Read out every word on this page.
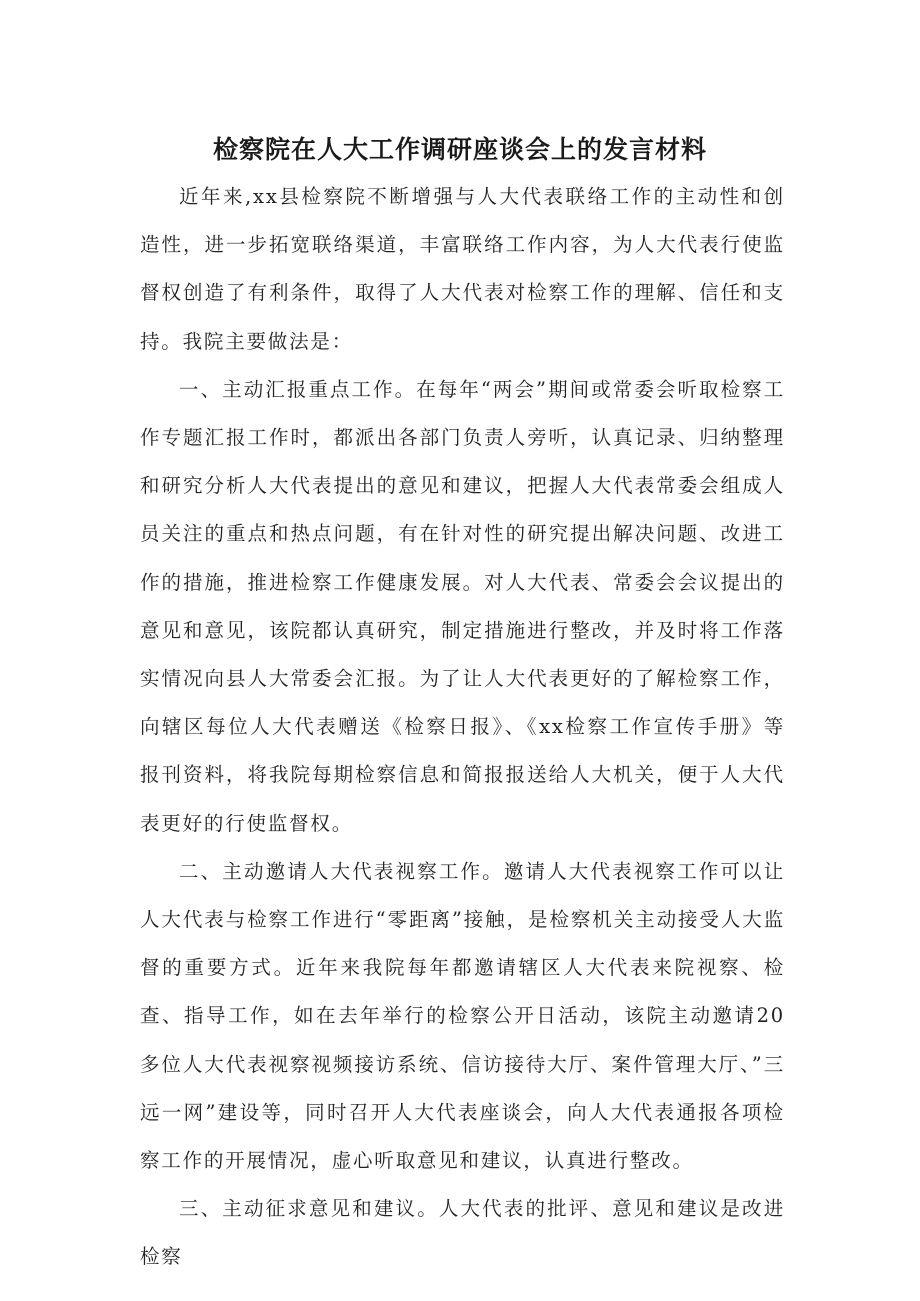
检察院在人大工作调研座谈会上的发言材料

近年来,xx县检察院不断增强与人大代表联络工作的主动性和创造性，进一步拓宽联络渠道，丰富联络工作内容，为人大代表行使监督权创造了有利条件，取得了人大代表对检察工作的理解、信任和支持。我院主要做法是：

一、主动汇报重点工作。在每年“两会”期间或常委会听取检察工作专题汇报工作时，都派出各部门负责人旁听，认真记录、归纳整理和研究分析人大代表提出的意见和建议，把握人大代表常委会组成人员关注的重点和热点问题，有在针对性的研究提出解决问题、改进工作的措施，推进检察工作健康发展。对人大代表、常委会会议提出的意见和意见，该院都认真研究，制定措施进行整改，并及时将工作落实情况向县人大常委会汇报。为了让人大代表更好的了解检察工作，向辖区每位人大代表赠送《检察日报》、《xx检察工作宣传手册》等报刊资料，将我院每期检察信息和简报报送给人大机关，便于人大代表更好的行使监督权。

二、主动邀请人大代表视察工作。邀请人大代表视察工作可以让人大代表与检察工作进行“零距离”接触，是检察机关主动接受人大监督的重要方式。近年来我院每年都邀请辖区人大代表来院视察、检查、指导工作，如在去年举行的检察公开日活动，该院主动邀请20多位人大代表视察视频接访系统、信访接待大厅、案件管理大厅、”三远一网”建设等，同时召开人大代表座谈会，向人大代表通报各项检察工作的开展情况，虚心听取意见和建议，认真进行整改。

三、主动征求意见和建议。人大代表的批评、意见和建议是改进检察
